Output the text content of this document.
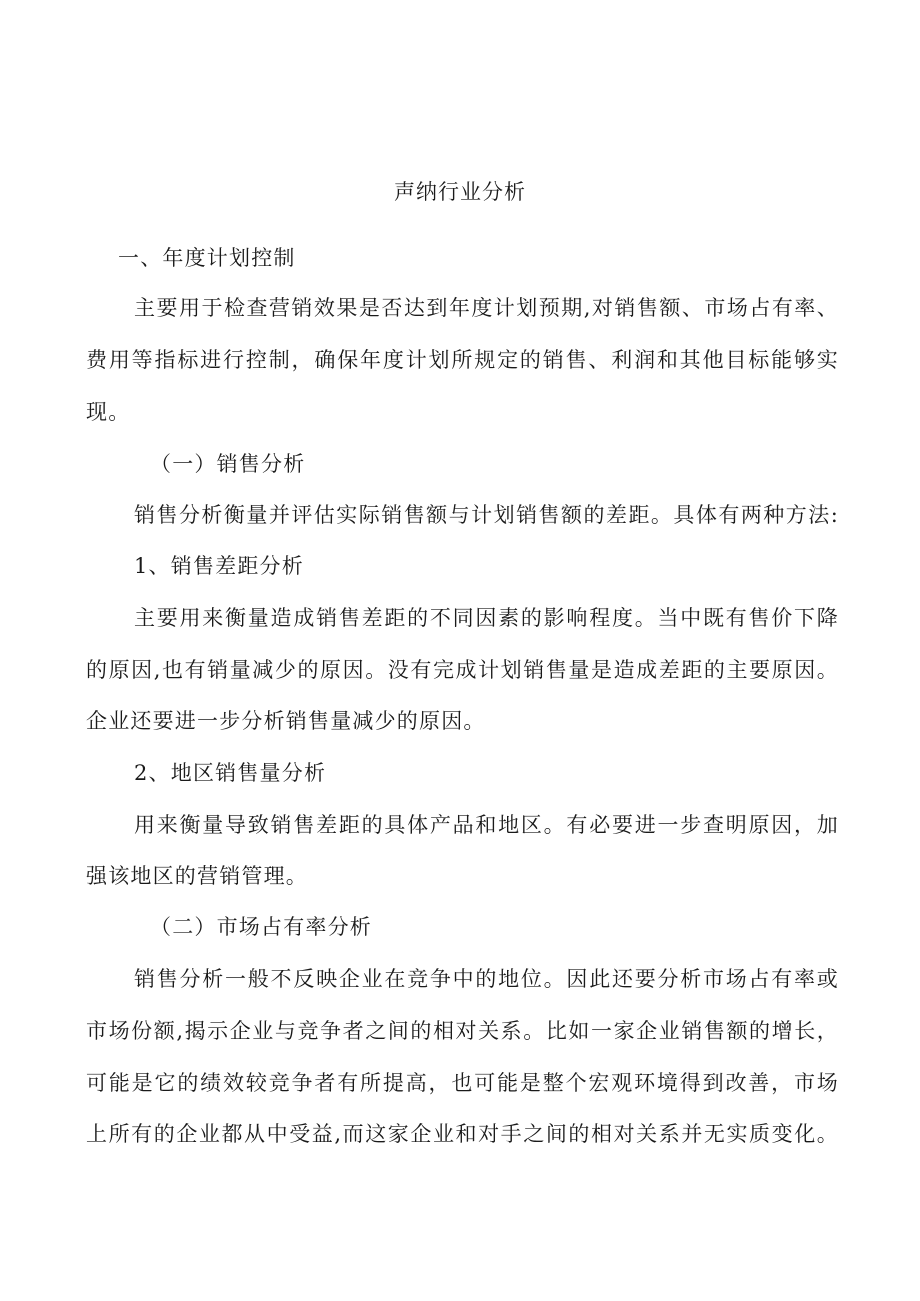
声纳行业分析
一、年度计划控制
主要用于检查营销效果是否达到年度计划预期,对销售额、市场占有率、
费用等指标进行控制，确保年度计划所规定的销售、利润和其他目标能够实
现。
（一）销售分析
销售分析衡量并评估实际销售额与计划销售额的差距。具体有两种方法:
1、销售差距分析
主要用来衡量造成销售差距的不同因素的影响程度。当中既有售价下降
的原因,也有销量减少的原因。没有完成计划销售量是造成差距的主要原因。
企业还要进一步分析销售量减少的原因。
2、地区销售量分析
用来衡量导致销售差距的具体产品和地区。有必要进一步查明原因，加
强该地区的营销管理。
（二）市场占有率分析
销售分析一般不反映企业在竞争中的地位。因此还要分析市场占有率或
市场份额,揭示企业与竞争者之间的相对关系。比如一家企业销售额的增长，
可能是它的绩效较竞争者有所提高，也可能是整个宏观环境得到改善，市场
上所有的企业都从中受益,而这家企业和对手之间的相对关系并无实质变化。
